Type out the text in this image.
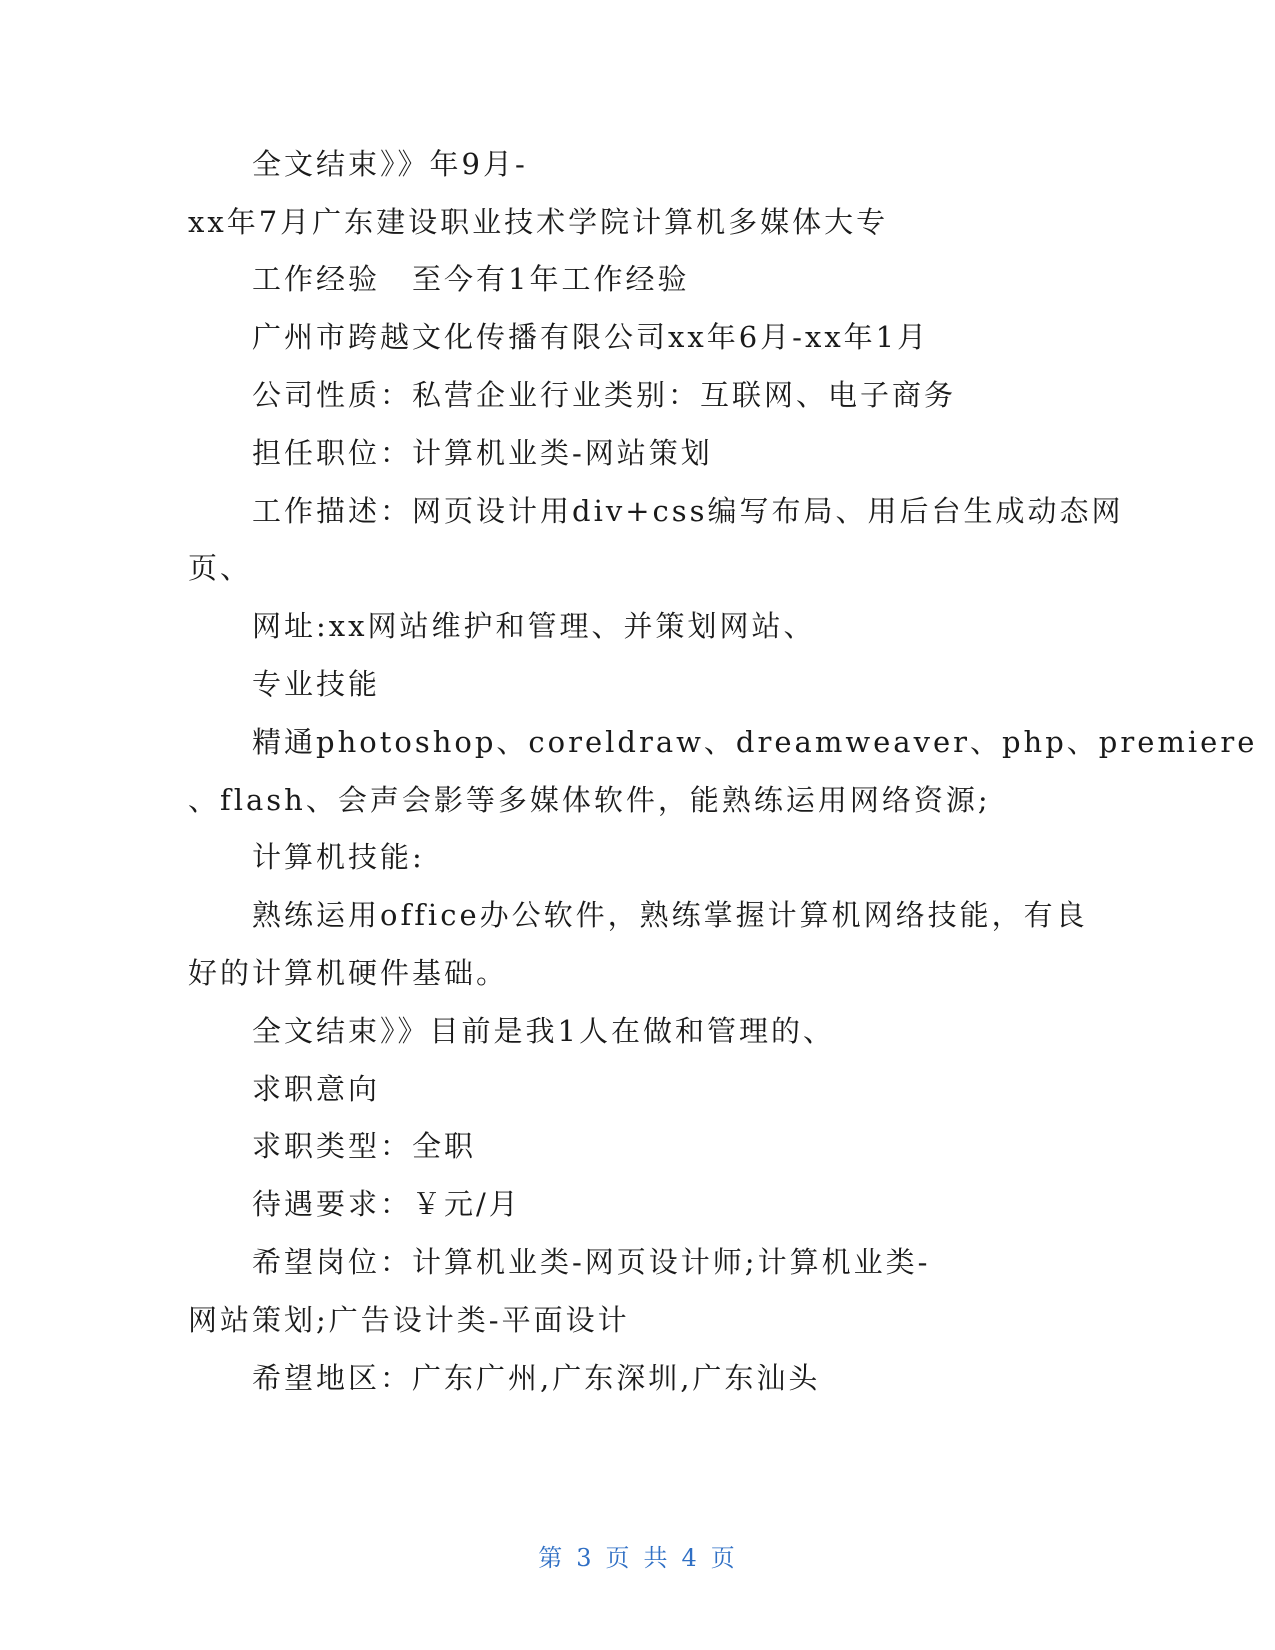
全文结束》》年9月-
xx年7月广东建设职业技术学院计算机多媒体大专
工作经验　至今有1年工作经验
广州市跨越文化传播有限公司xx年6月-xx年1月
公司性质：私营企业行业类别：互联网、电子商务
担任职位：计算机业类-网站策划
工作描述：网页设计用div+css编写布局、用后台生成动态网
页、
网址:xx网站维护和管理、并策划网站、
专业技能
精通photoshop、coreldraw、dreamweaver、php、premiere
、flash、会声会影等多媒体软件，能熟练运用网络资源;
计算机技能:
熟练运用office办公软件，熟练掌握计算机网络技能，有良
好的计算机硬件基础。
全文结束》》目前是我1人在做和管理的、
求职意向
求职类型：全职
待遇要求：￥元/月
希望岗位：计算机业类-网页设计师;计算机业类-
网站策划;广告设计类-平面设计
希望地区：广东广州,广东深圳,广东汕头
第 3 页 共 4 页
